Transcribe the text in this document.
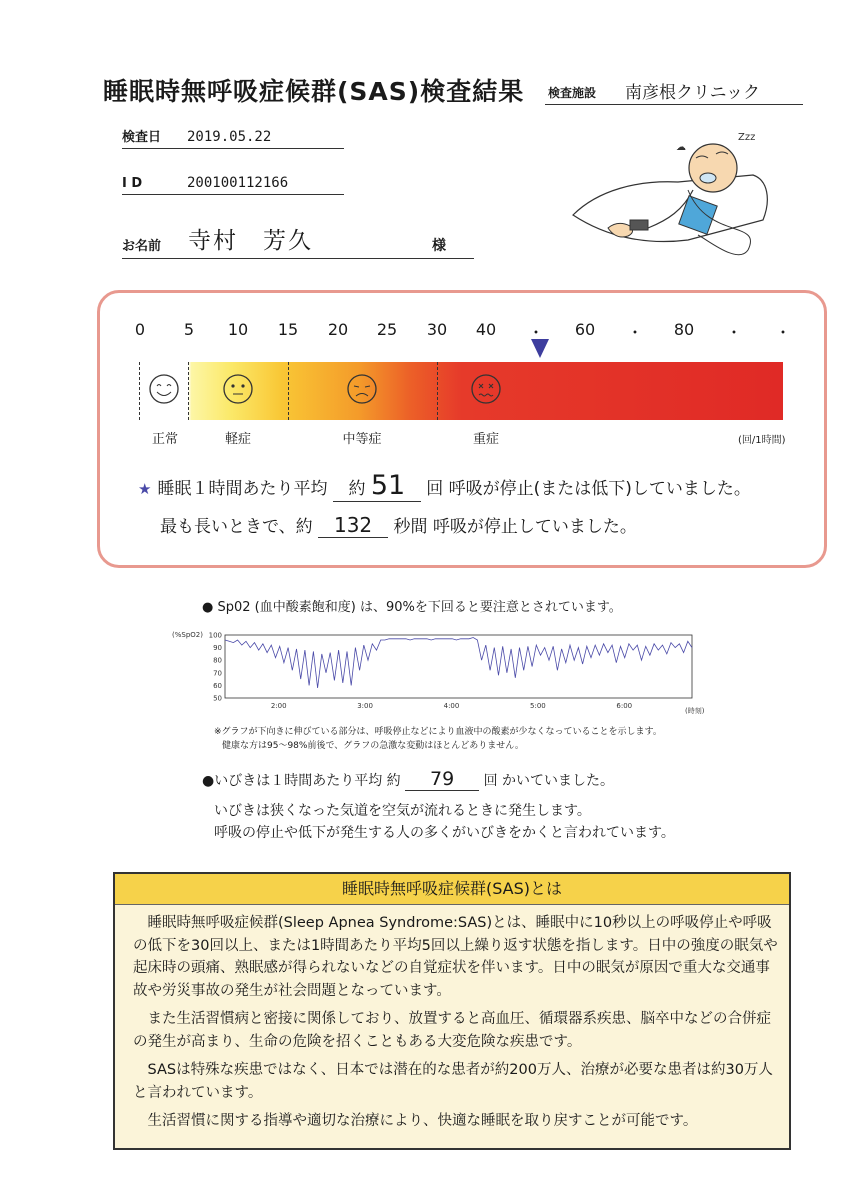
睡眠時無呼吸症候群(SAS)検査結果 検査施設 南彦根クリニック
検査日 2019.05.22
I D	200100112166
お名前 寺村　芳久	様
Zzz
☁
0 5 10 15 20 25 30 40 ・ 60 ・ 80 ・ ・
正常	軽症	中等症	重症	(回/1時間)
★ 睡眠１時間あたり平均 約 51 回 呼吸が停止(または低下)していました。
最も長いときで、約 132 秒間 呼吸が停止していました。
● Sp02 (血中酸素飽和度) は、90%を下回ると要注意とされています。
(%SpO2) 100
90
80
70
60
50
2:00	3:00	4:00	5:00	6:00
(時刻)
※グラフが下向きに伸びている部分は、呼吸停止などにより血液中の酸素が少なくなっていることを示します。
健康な方は95～98%前後で、グラフの急激な変動はほとんどありません。
●いびきは１時間あたり平均 約 79 回 かいていました。
いびきは狭くなった気道を空気が流れるときに発生します。
呼吸の停止や低下が発生する人の多くがいびきをかくと言われています。
睡眠時無呼吸症候群(SAS)とは

睡眠時無呼吸症候群(Sleep Apnea Syndrome:SAS)とは、睡眠中に10秒以上の呼吸停止や呼吸の低下を30回以上、または1時間あたり平均5回以上繰り返す状態を指します。日中の強度の眠気や起床時の頭痛、熟眠感が得られないなどの自覚症状を伴います。日中の眠気が原因で重大な交通事故や労災事故の発生が社会問題となっています。

また生活習慣病と密接に関係しており、放置すると高血圧、循環器系疾患、脳卒中などの合併症の発生が高まり、生命の危険を招くこともある大変危険な疾患です。

SASは特殊な疾患ではなく、日本では潜在的な患者が約200万人、治療が必要な患者は約30万人と言われています。

生活習慣に関する指導や適切な治療により、快適な睡眠を取り戻すことが可能です。
